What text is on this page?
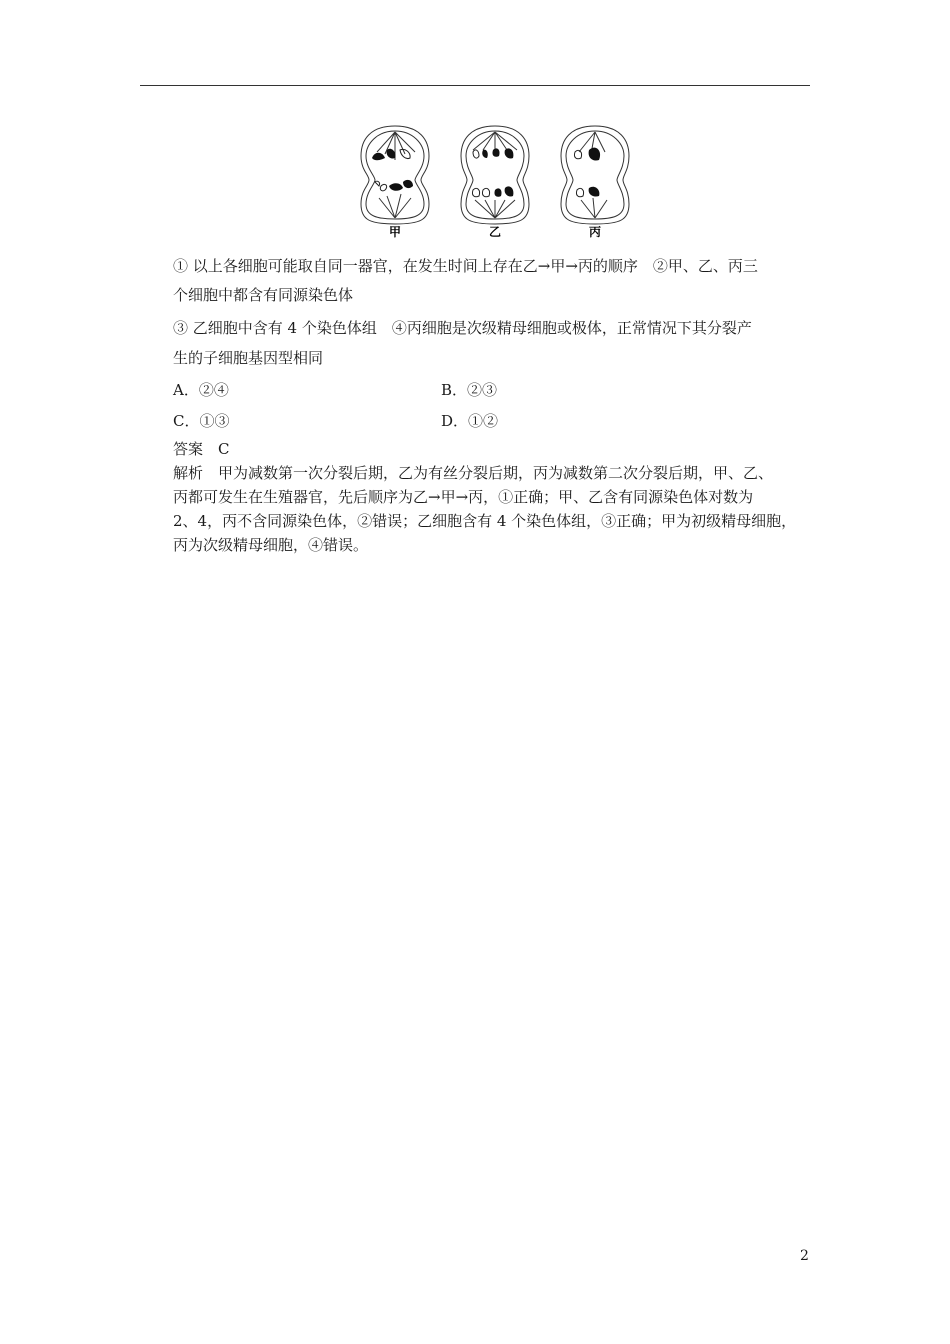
甲	乙	丙
① 以上各细胞可能取自同一器官，在发生时间上存在乙→甲→丙的顺序　②甲、乙、丙三
个细胞中都含有同源染色体
③ 乙细胞中含有 4 个染色体组　④丙细胞是次级精母细胞或极体，正常情况下其分裂产
生的子细胞基因型相同
A．②④	B．②③
C．①③	D．①②
答案　C
解析　甲为减数第一次分裂后期，乙为有丝分裂后期，丙为减数第二次分裂后期，甲、乙、
丙都可发生在生殖器官，先后顺序为乙→甲→丙，①正确；甲、乙含有同源染色体对数为
2、4，丙不含同源染色体，②错误；乙细胞含有 4 个染色体组，③正确；甲为初级精母细胞，
丙为次级精母细胞，④错误。
2
